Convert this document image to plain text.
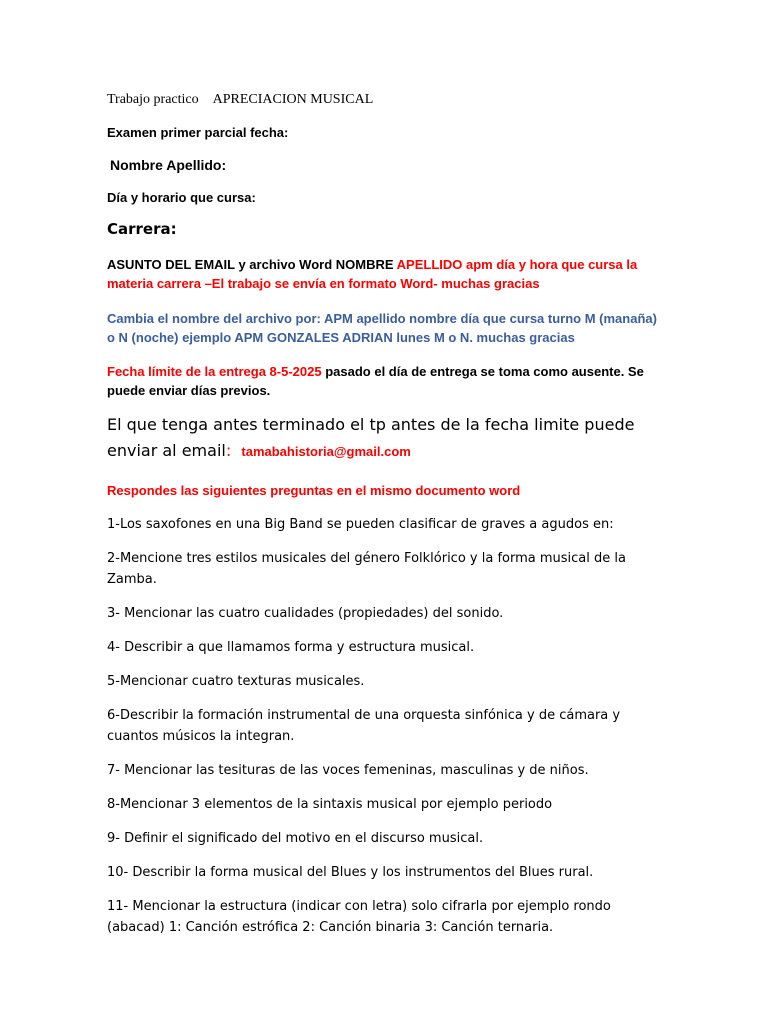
Trabajo practico APRECIACION MUSICAL

Examen primer parcial fecha:

Nombre Apellido:

Día y horario que cursa:

Carrera:

ASUNTO DEL EMAIL y archivo Word NOMBRE APELLIDO apm día y hora que cursa la materia carrera –El trabajo se envía en formato Word- muchas gracias

Cambia el nombre del archivo por: APM apellido nombre día que cursa turno M (manaña) o N (noche) ejemplo APM GONZALES ADRIAN lunes M o N. muchas gracias

Fecha límite de la entrega 8-5-2025 pasado el día de entrega se toma como ausente. Se puede enviar días previos.

El que tenga antes terminado el tp antes de la fecha limite puede enviar al email: tamabahistoria@gmail.com

Respondes las siguientes preguntas en el mismo documento word

1-Los saxofones en una Big Band se pueden clasificar de graves a agudos en:

2-Mencione tres estilos musicales del género Folklórico y la forma musical de la Zamba.

3- Mencionar las cuatro cualidades (propiedades) del sonido.

4- Describir a que llamamos forma y estructura musical.

5-Mencionar cuatro texturas musicales.

6-Describir la formación instrumental de una orquesta sinfónica y de cámara y cuantos músicos la integran.

7- Mencionar las tesituras de las voces femeninas, masculinas y de niños.

8-Mencionar 3 elementos de la sintaxis musical por ejemplo periodo

9- Definir el significado del motivo en el discurso musical.

10- Describir la forma musical del Blues y los instrumentos del Blues rural.

11- Mencionar la estructura (indicar con letra) solo cifrarla por ejemplo rondo (abacad) 1: Canción estrófica 2: Canción binaria 3: Canción ternaria.
